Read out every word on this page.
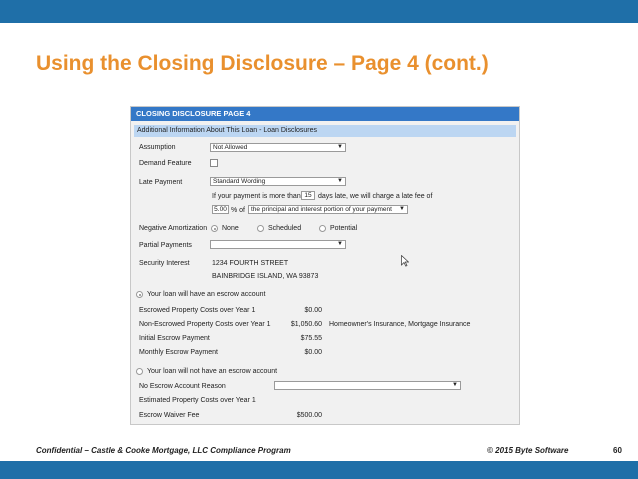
Using the Closing Disclosure – Page 4 (cont.)
CLOSING DISCLOSURE PAGE 4
Additional Information About This Loan - Loan Disclosures
Assumption	Not Allowed	▼
Demand Feature
Late Payment	Standard Wording	▼
If your payment is more than 15 days late, we will charge a late fee of
5.00 % of the principal and interest portion of your payment ▼
Negative Amortization None	Scheduled	Potential
Partial Payments	▼
Security Interest	1234 FOURTH STREET
BAINBRIDGE ISLAND, WA 93873
Your loan will have an escrow account
Escrowed Property Costs over Year 1	$0.00
Non-Escrowed Property Costs over Year 1	$1,050.60 Homeowner's Insurance, Mortgage Insurance
Initial Escrow Payment	$75.55
Monthly Escrow Payment	$0.00
Your loan will not have an escrow account
No Escrow Account Reason	▼
Estimated Property Costs over Year 1
Escrow Waiver Fee	$500.00
Confidential – Castle & Cooke Mortgage, LLC Compliance Program	© 2015 Byte Software	60
